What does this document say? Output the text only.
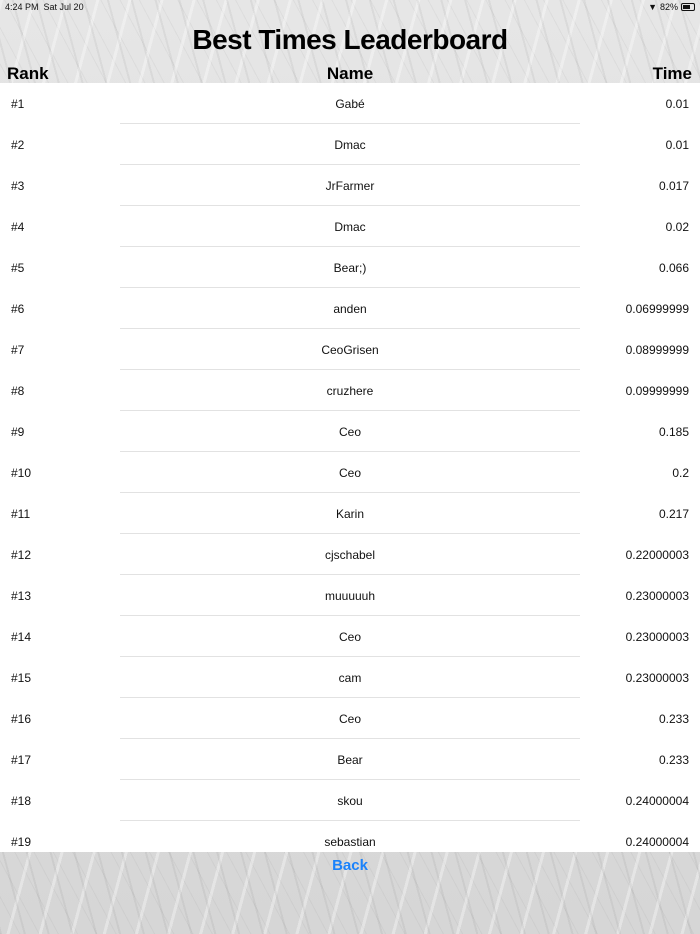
4:24 PM Sat Jul 20	▼ 82%
Best Times Leaderboard
Rank	Name	Time
#1	Gabé	0.01
#2	Dmac	0.01
#3	JrFarmer	0.017
#4	Dmac	0.02
#5	Bear;)	0.066
#6	anden	0.06999999
#7	CeoGrisen	0.08999999
#8	cruzhere	0.09999999
#9	Ceo	0.185
#10	Ceo	0.2
#11	Karin	0.217
#12	cjschabel	0.22000003
#13	muuuuuh	0.23000003
#14	Ceo	0.23000003
#15	cam	0.23000003
#16	Ceo	0.233
#17	Bear	0.233
#18	skou	0.24000004
#19	sebastian	0.24000004
Back
